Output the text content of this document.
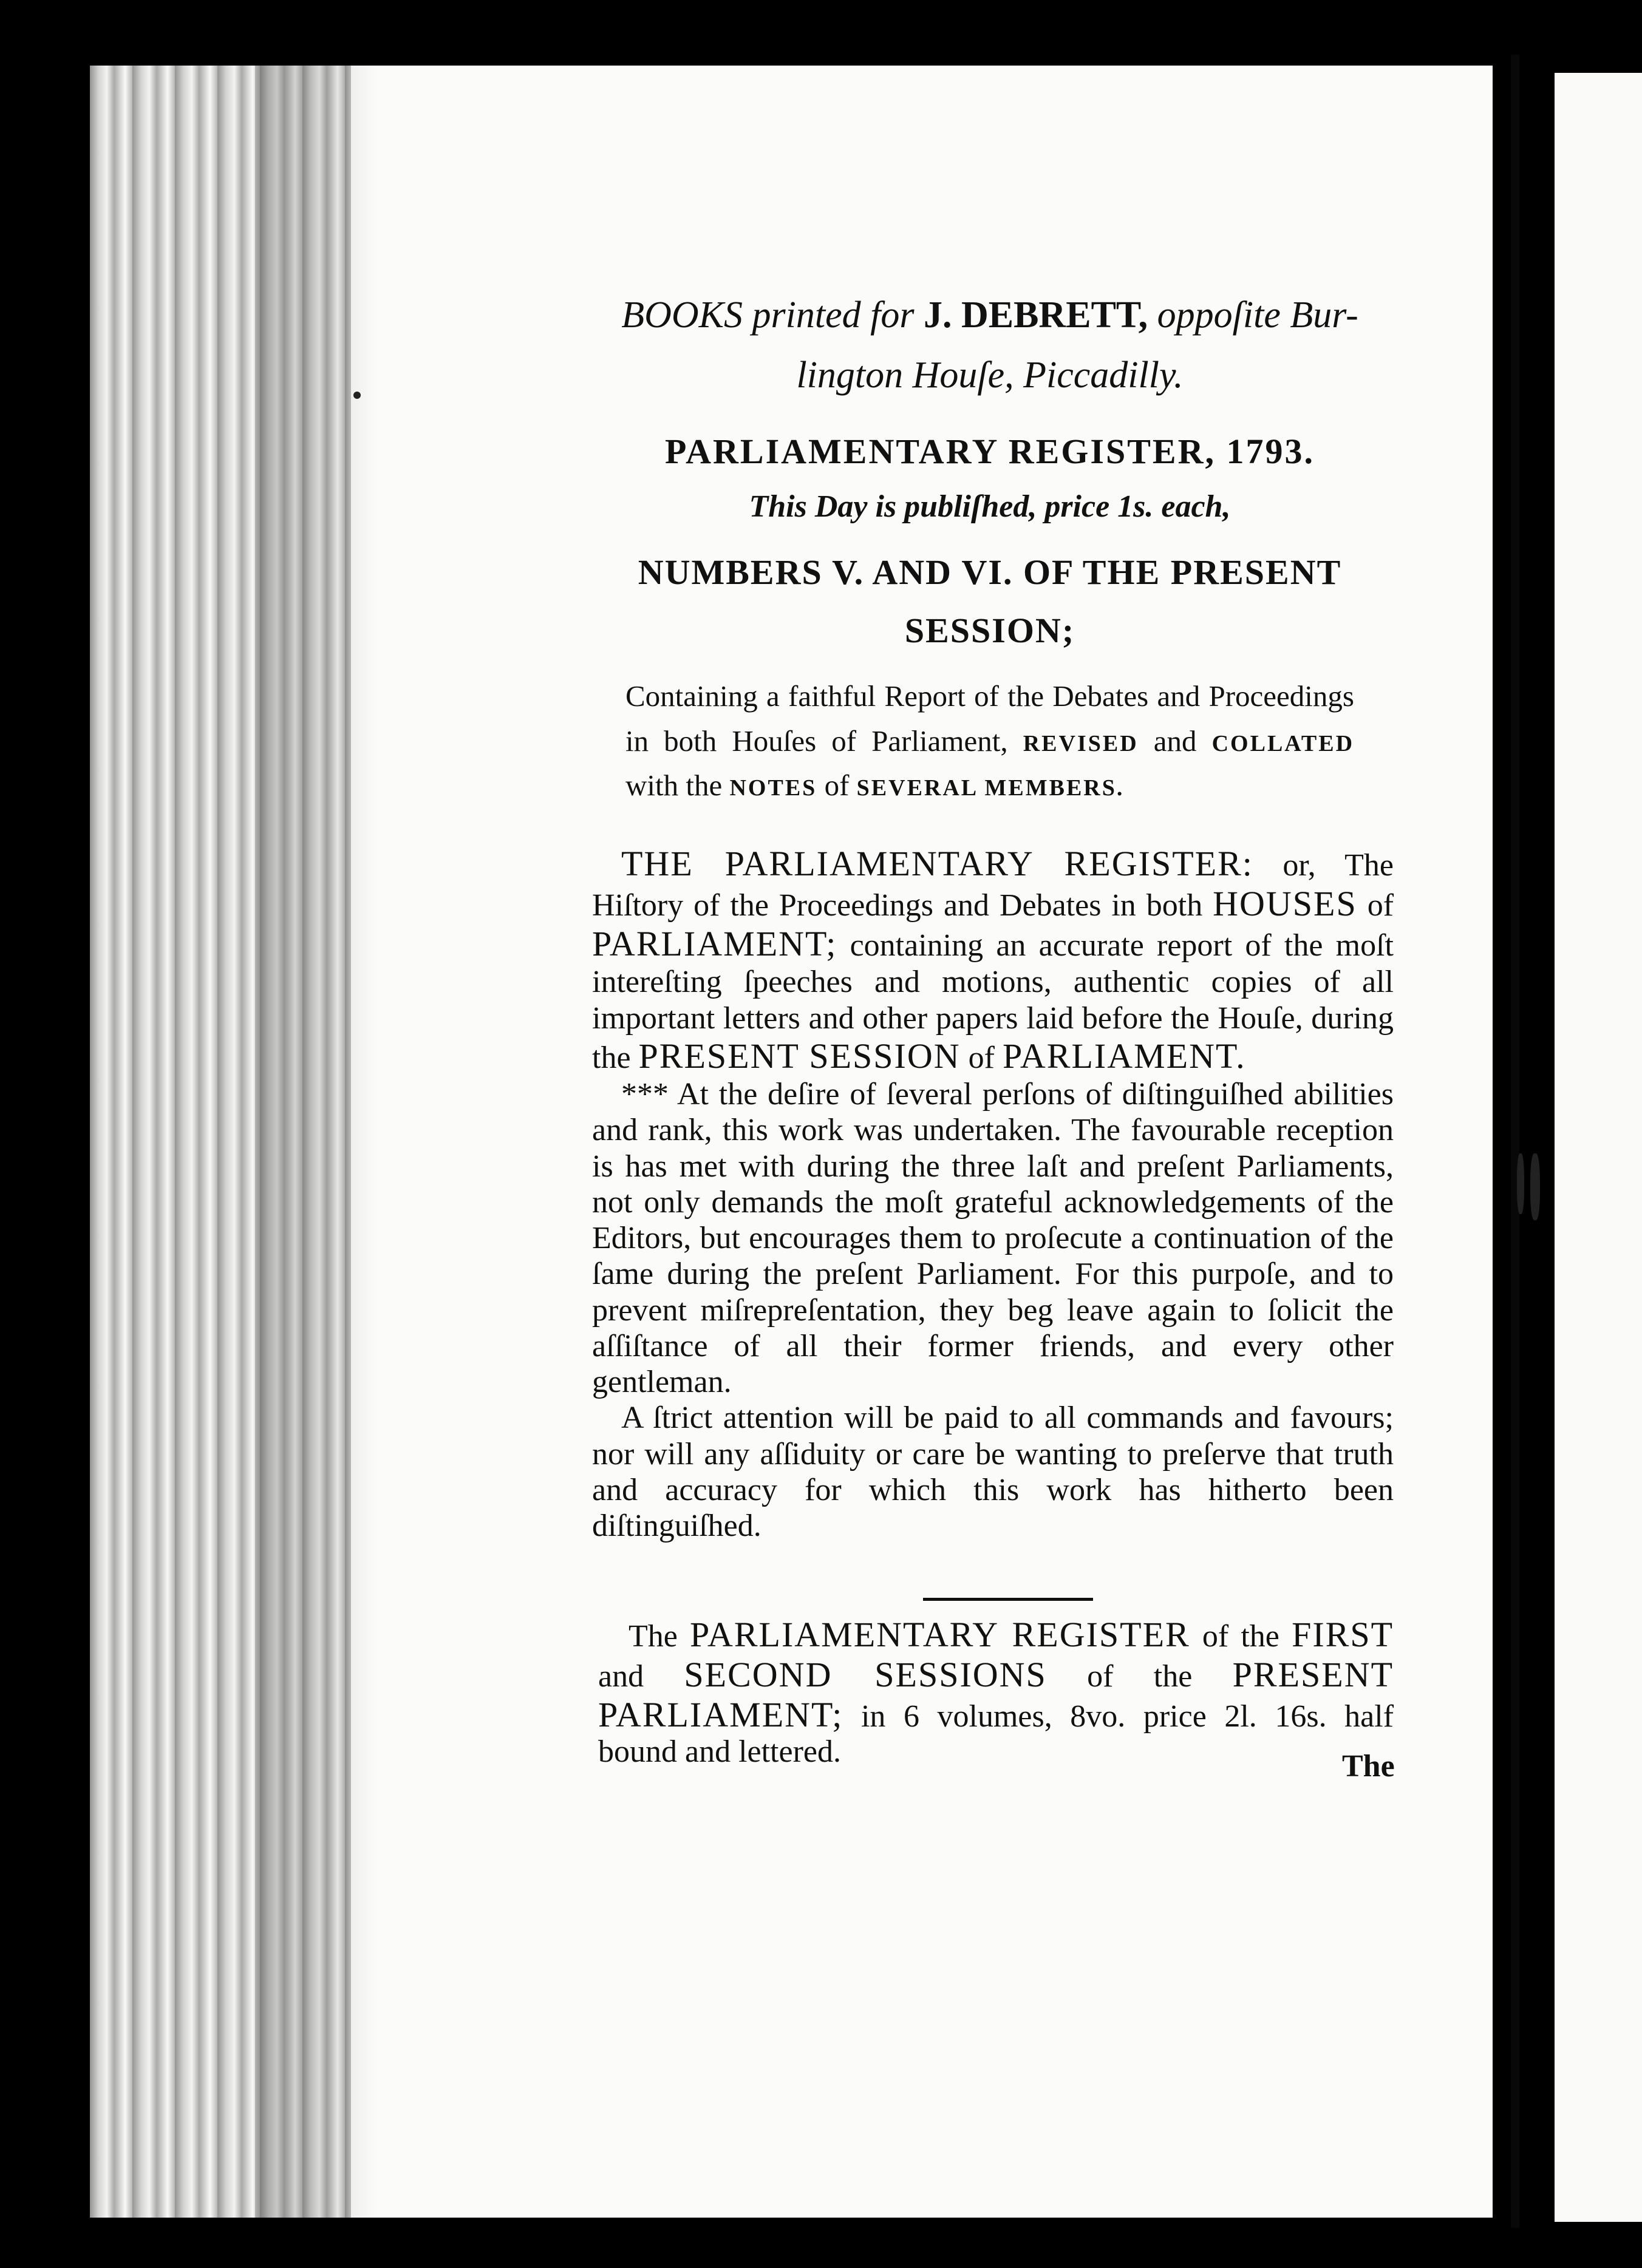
BOOKS printed for J. DEBRETT, oppoſite Bur-
lington Houſe, Piccadilly.
PARLIAMENTARY REGISTER, 1793.
This Day is publiſhed, price 1s. each,
NUMBERS V. AND VI. OF THE PRESENT
SESSION;
Containing a faithful Report of the Debates and Proceedings in both Houſes of Parliament, REVISED and COLLATED with the NOTES of SEVERAL MEMBERS.

THE PARLIAMENTARY REGISTER: or, The Hiſtory of the Proceedings and Debates in both HOUSES of PARLIAMENT; containing an accurate report of the moſt intereſting ſpeeches and motions, authentic copies of all important letters and other papers laid before the Houſe, during the PRESENT SESSION of PARLIAMENT.

*** At the deſire of ſeveral perſons of diſtinguiſhed abilities and rank, this work was undertaken. The favourable reception is has met with during the three laſt and preſent Parliaments, not only demands the moſt grateful acknowledgements of the Editors, but encourages them to proſecute a continuation of the ſame during the preſent Parliament. For this purpoſe, and to prevent miſrepreſentation, they beg leave again to ſolicit the aſſiſtance of all their former friends, and every other gentleman.

A ſtrict attention will be paid to all commands and favours; nor will any aſſiduity or care be wanting to preſerve that truth and accuracy for which this work has hitherto been diſtinguiſhed.

The PARLIAMENTARY REGISTER of the FIRST and SECOND SESSIONS of the PRESENT PARLIAMENT; in 6 volumes, 8vo. price 2l. 16s. half bound and lettered.	The
